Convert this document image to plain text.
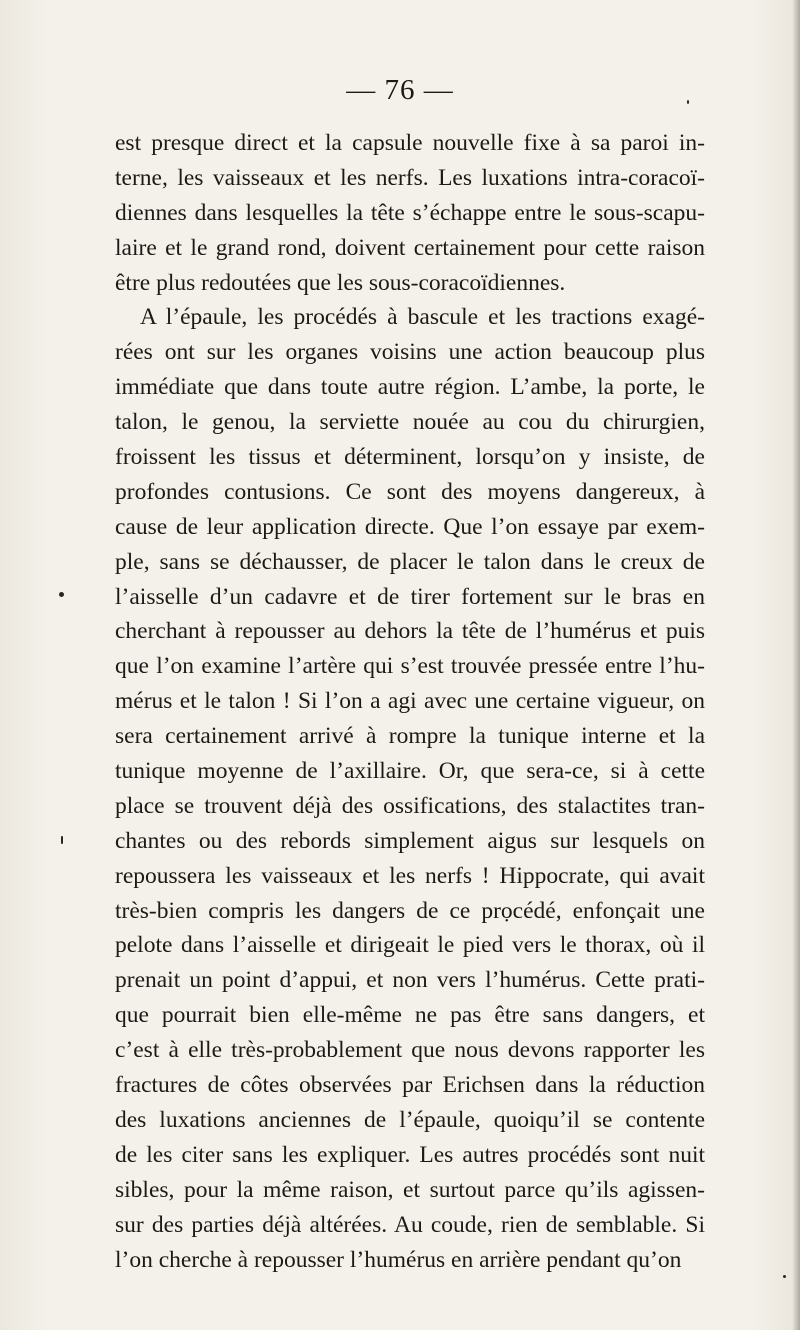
— 76 —
est presque direct et la capsule nouvelle fixe à sa paroi in-
terne, les vaisseaux et les nerfs. Les luxations intra-coracoï-
diennes dans lesquelles la tête s’échappe entre le sous-scapu-
laire et le grand rond, doivent certainement pour cette raison
être plus redoutées que les sous-coracoïdiennes.
A l’épaule, les procédés à bascule et les tractions exagé-
rées ont sur les organes voisins une action beaucoup plus
immédiate que dans toute autre région. L’ambe, la porte, le
talon, le genou, la serviette nouée au cou du chirurgien,
froissent les tissus et déterminent, lorsqu’on y insiste, de
profondes contusions. Ce sont des moyens dangereux, à
cause de leur application directe. Que l’on essaye par exem-
ple, sans se déchausser, de placer le talon dans le creux de
l’aisselle d’un cadavre et de tirer fortement sur le bras en
cherchant à repousser au dehors la tête de l’humérus et puis
que l’on examine l’artère qui s’est trouvée pressée entre l’hu-
mérus et le talon ! Si l’on a agi avec une certaine vigueur, on
sera certainement arrivé à rompre la tunique interne et la
tunique moyenne de l’axillaire. Or, que sera-ce, si à cette
place se trouvent déjà des ossifications, des stalactites tran-
chantes ou des rebords simplement aigus sur lesquels on
repoussera les vaisseaux et les nerfs ! Hippocrate, qui avait
très-bien compris les dangers de ce prọcédé, enfonçait une
pelote dans l’aisselle et dirigeait le pied vers le thorax, où il
prenait un point d’appui, et non vers l’humérus. Cette prati-
que pourrait bien elle-même ne pas être sans dangers, et
c’est à elle très-probablement que nous devons rapporter les
fractures de côtes observées par Erichsen dans la réduction
des luxations anciennes de l’épaule, quoiqu’il se contente
de les citer sans les expliquer. Les autres procédés sont nuit
sibles, pour la même raison, et surtout parce qu’ils agissen-
sur des parties déjà altérées. Au coude, rien de semblable. Si
l’on cherche à repousser l’humérus en arrière pendant qu’on
